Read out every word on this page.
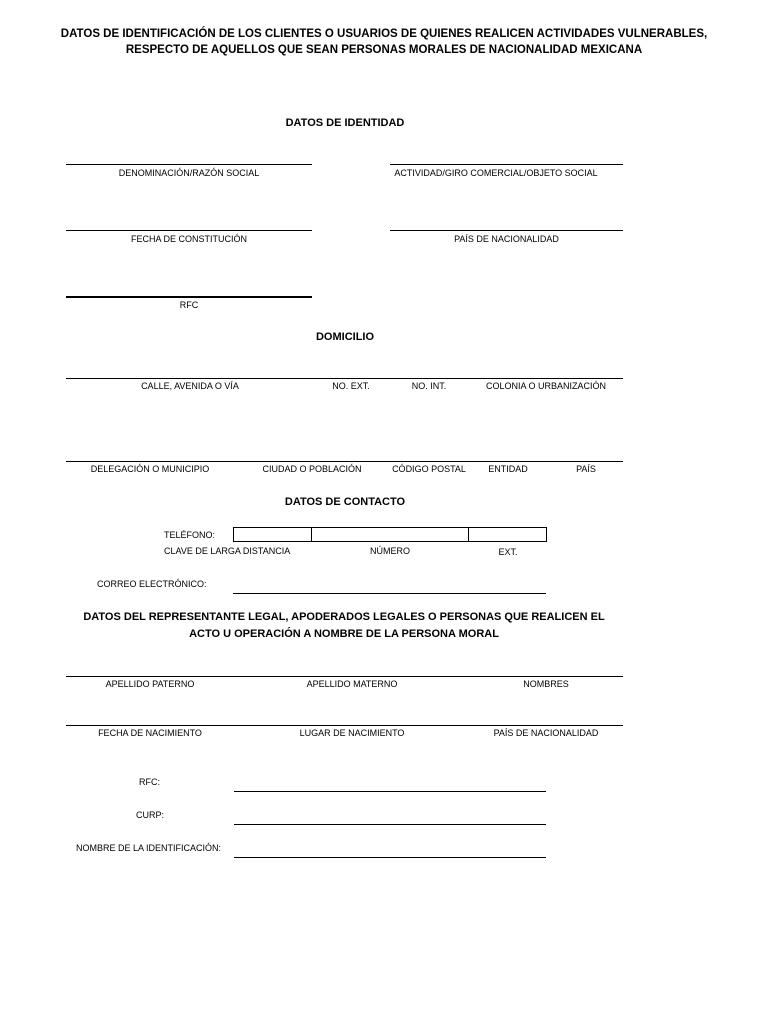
DATOS DE IDENTIFICACIÓN DE LOS CLIENTES O USUARIOS DE QUIENES REALICEN ACTIVIDADES VULNERABLES,
RESPECTO DE AQUELLOS QUE SEAN PERSONAS MORALES DE NACIONALIDAD MEXICANA
DATOS DE IDENTIDAD
DENOMINACIÓN/RAZÓN SOCIAL	ACTIVIDAD/GIRO COMERCIAL/OBJETO SOCIAL
FECHA DE CONSTITUCIÓN	PAÍS DE NACIONALIDAD
RFC
DOMICILIO
CALLE, AVENIDA O VÍA	NO. EXT.	NO. INT.	COLONIA O URBANIZACIÓN
DELEGACIÓN O MUNICIPIO	CIUDAD O POBLACIÓN	CÓDIGO POSTAL	ENTIDAD	PAÍS
DATOS DE CONTACTO
TELÉFONO:
CLAVE DE LARGA DISTANCIA	NÚMERO	EXT.
CORREO ELECTRÓNICO:
DATOS DEL REPRESENTANTE LEGAL, APODERADOS LEGALES O PERSONAS QUE REALICEN EL
ACTO U OPERACIÓN A NOMBRE DE LA PERSONA MORAL
APELLIDO PATERNO	APELLIDO MATERNO	NOMBRES
FECHA DE NACIMIENTO	LUGAR DE NACIMIENTO	PAÍS DE NACIONALIDAD
RFC:
CURP:
NOMBRE DE LA IDENTIFICACIÓN:
